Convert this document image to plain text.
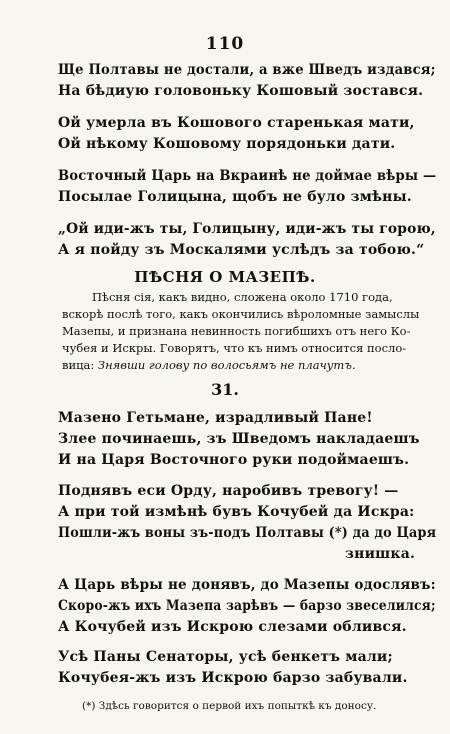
110
Ще Полтавы не достали, а вже Шведъ издався;
На бѣдиую головоньку Кошовый зостався.
Ой умерла въ Кошового старенькая мати,
Ой нѣкому Кошовому порядоньки дати.
Восточный Царь на Вкраинѣ не доймае вѣры —
Посылае Голицына, щобъ не було змѣны.
„Ой иди-жъ ты, Голицыну, иди-жъ ты горою,
А я пойду зъ Москалями услѣдъ за тобою.“
ПѢСНЯ О МАЗЕПѢ.
Пѣсня сія, какъ видно, сложена около 1710 года,
вскорѣ послѣ того, какъ окончились вѣроломные замыслы
Мазепы, и признана невинность погибшихъ отъ него Ко-
чубея и Искры. Говорятъ, что къ нимъ относится посло-
вица: Знявши голову по волосьямъ не плачутъ.
31.
Мазено Гетьмане, израдливый Пане!
Злее починаешь, зъ Шведомъ накладаешъ
И на Царя Восточного руки подоймаешъ.
Поднявъ еси Орду, наробивъ тревогу! —
А при той измѣнѣ бувъ Кочубей да Искра:
Пошли-жъ воны зъ-подъ Полтавы (*) да до Царя
знишка.
А Царь вѣры не донявъ, до Мазепы одослявъ:
Скоро-жъ ихъ Мазепа зарѣвъ — барзо звеселился;
А Кочубей изъ Искрою слезами облився.
Усѣ Паны Сенаторы, усѣ бенкетъ мали;
Кочубея-жъ изъ Искрою барзо забували.
(*) Здѣсь говорится о первой ихъ попыткѣ къ доносу.
